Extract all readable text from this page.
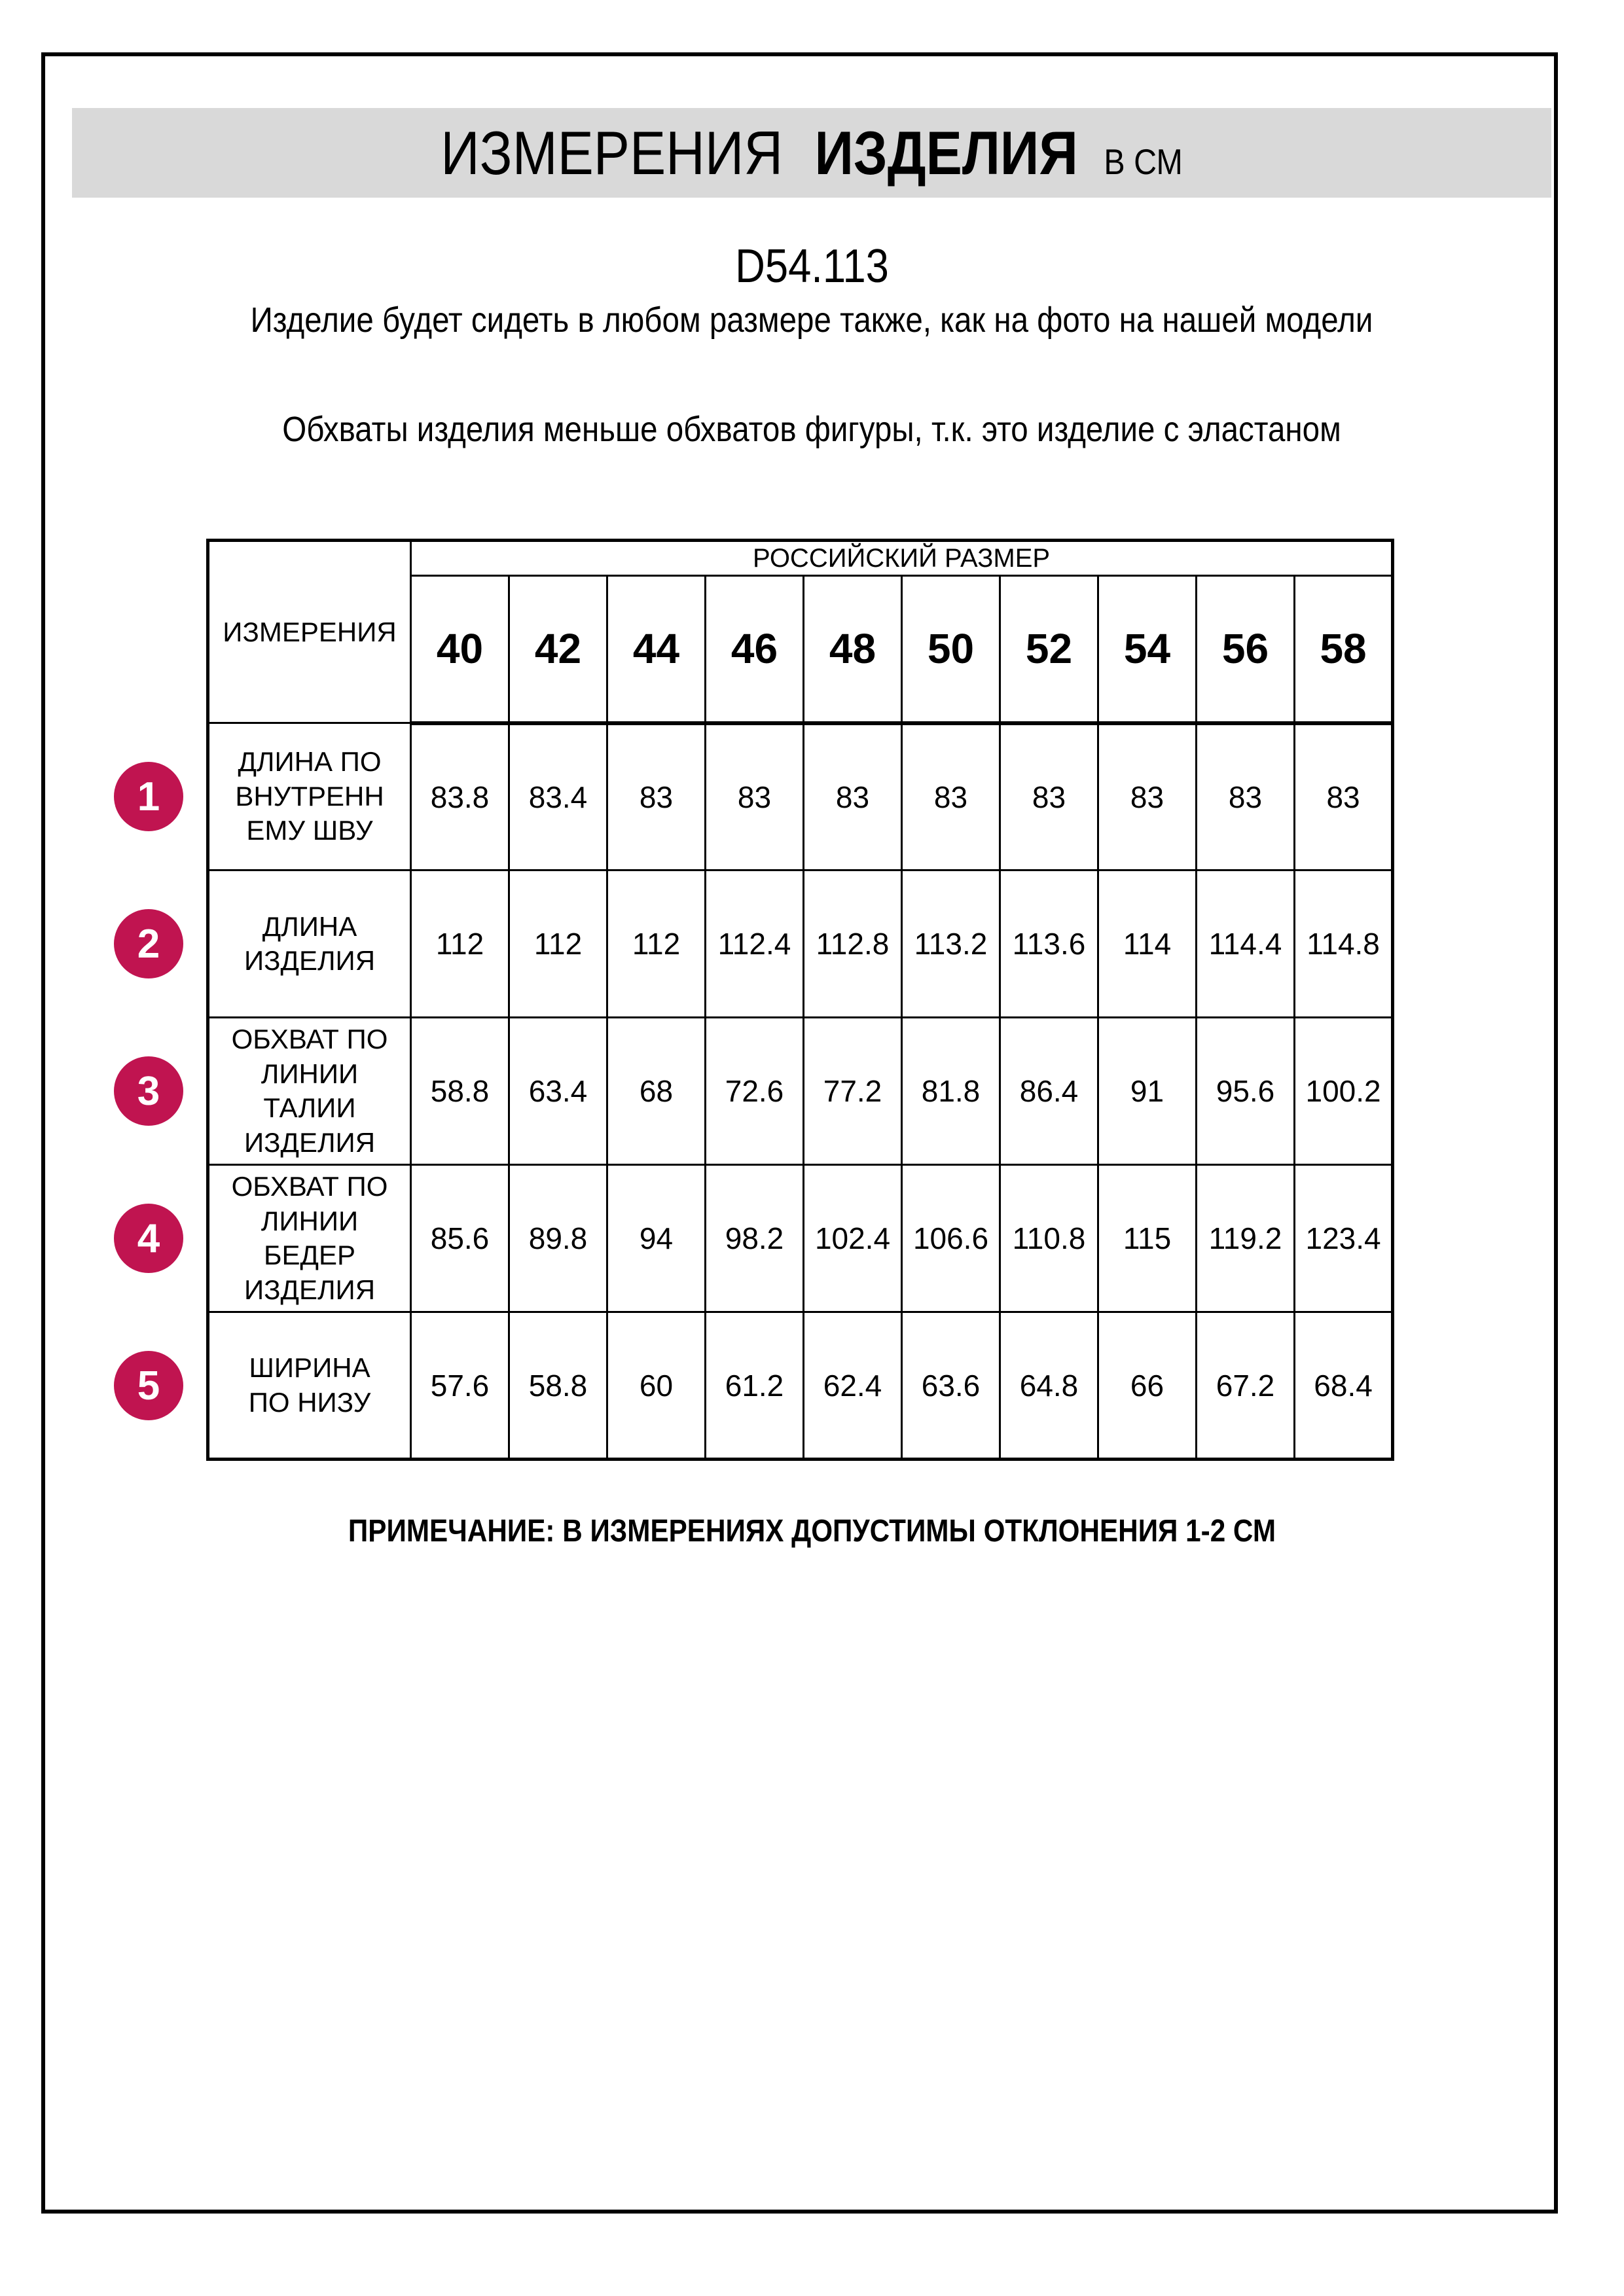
ИЗМЕРЕНИЯ ИЗДЕЛИЯ В СМ
D54.113
Изделие будет сидеть в любом размере также, как на фото на нашей модели
Обхваты изделия меньше обхватов фигуры, т.к. это изделие с эластаном
ИЗМЕРЕНИЯ	РОССИЙСКИЙ РАЗМЕР									
	40	42	44	46	48	50	52	54	56	58
ДЛИНА ПО ВНУТРЕННЕМУ ШВУ	83.8	83.4	83	83	83	83	83	83	83	83
ДЛИНА ИЗДЕЛИЯ	112	112	112	112.4	112.8	113.2	113.6	114	114.4	114.8
ОБХВАТ ПО ЛИНИИ ТАЛИИ ИЗДЕЛИЯ	58.8	63.4	68	72.6	77.2	81.8	86.4	91	95.6	100.2
ОБХВАТ ПО ЛИНИИ БЕДЕР ИЗДЕЛИЯ	85.6	89.8	94	98.2	102.4	106.6	110.8	115	119.2	123.4
ШИРИНА ПО НИЗУ	57.6	58.8	60	61.2	62.4	63.6	64.8	66	67.2	68.4
1
2
3
4
5
ПРИМЕЧАНИЕ: В ИЗМЕРЕНИЯХ ДОПУСТИМЫ ОТКЛОНЕНИЯ 1-2 СМ
